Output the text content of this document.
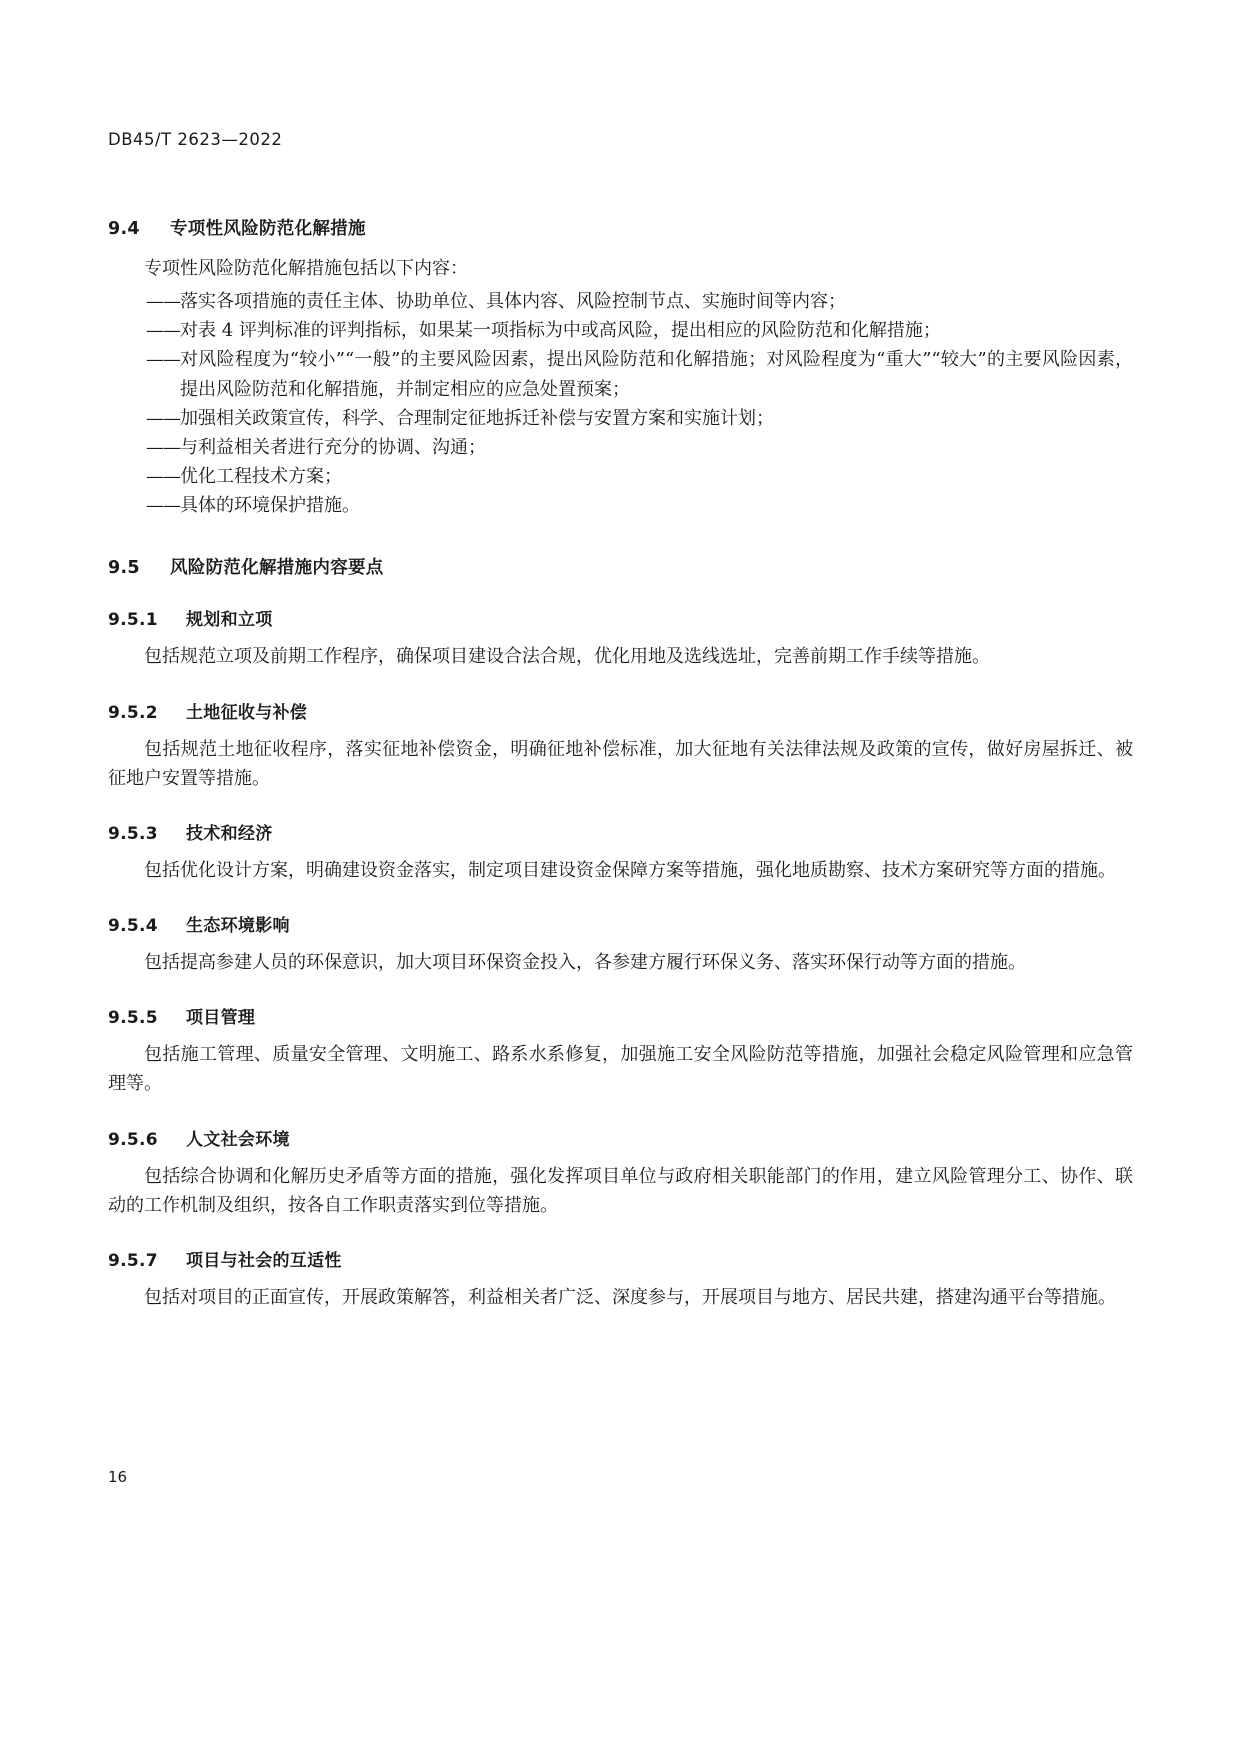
DB45/T 2623—2022
9.4 专项性风险防范化解措施

专项性风险防范化解措施包括以下内容：

—— 落实各项措施的责任主体、协助单位、具体内容、风险控制节点、实施时间等内容；
—— 对表 4 评判标准的评判指标，如果某一项指标为中或高风险，提出相应的风险防范和化解措施；
—— 对风险程度为“较小”“一般”的主要风险因素，提出风险防范和化解措施；对风险程度为“重大”“较大”的主要风险因素，提出风险防范和化解措施，并制定相应的应急处置预案；
—— 加强相关政策宣传，科学、合理制定征地拆迁补偿与安置方案和实施计划；
—— 与利益相关者进行充分的协调、沟通；
—— 优化工程技术方案；
—— 具体的环境保护措施。
9.5 风险防范化解措施内容要点
9.5.1 规划和立项

包括规范立项及前期工作程序，确保项目建设合法合规，优化用地及选线选址，完善前期工作手续等措施。

9.5.2 土地征收与补偿

包括规范土地征收程序，落实征地补偿资金，明确征地补偿标准，加大征地有关法律法规及政策的宣传，做好房屋拆迁、被征地户安置等措施。

9.5.3 技术和经济

包括优化设计方案，明确建设资金落实，制定项目建设资金保障方案等措施，强化地质勘察、技术方案研究等方面的措施。

9.5.4 生态环境影响

包括提高参建人员的环保意识，加大项目环保资金投入，各参建方履行环保义务、落实环保行动等方面的措施。

9.5.5 项目管理

包括施工管理、质量安全管理、文明施工、路系水系修复，加强施工安全风险防范等措施，加强社会稳定风险管理和应急管理等。

9.5.6 人文社会环境

包括综合协调和化解历史矛盾等方面的措施，强化发挥项目单位与政府相关职能部门的作用，建立风险管理分工、协作、联动的工作机制及组织，按各自工作职责落实到位等措施。

9.5.7 项目与社会的互适性

包括对项目的正面宣传，开展政策解答，利益相关者广泛、深度参与，开展项目与地方、居民共建，搭建沟通平台等措施。

16
